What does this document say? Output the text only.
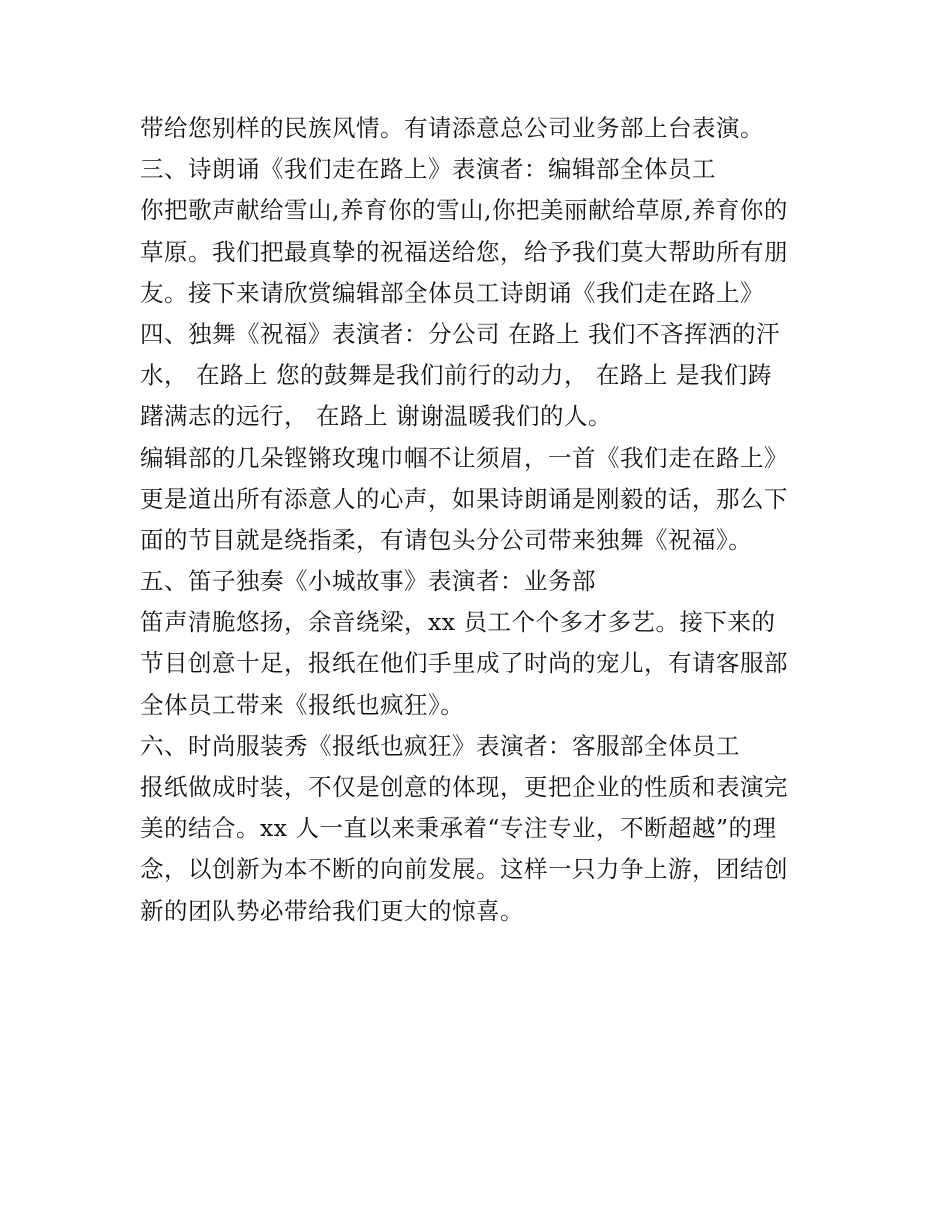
带给您别样的民族风情。有请添意总公司业务部上台表演。
三、诗朗诵《我们走在路上》表演者：编辑部全体员工
你把歌声献给雪山,养育你的雪山,你把美丽献给草原,养育你的
草原。我们把最真挚的祝福送给您，给予我们莫大帮助所有朋
友。接下来请欣赏编辑部全体员工诗朗诵《我们走在路上》
四、独舞《祝福》表演者：分公司 在路上 我们不吝挥洒的汗
水， 在路上 您的鼓舞是我们前行的动力， 在路上 是我们踌
躇满志的远行， 在路上 谢谢温暖我们的人。
编辑部的几朵铿锵玫瑰巾帼不让须眉，一首《我们走在路上》
更是道出所有添意人的心声，如果诗朗诵是刚毅的话，那么下
面的节目就是绕指柔，有请包头分公司带来独舞《祝福》。
五、笛子独奏《小城故事》表演者：业务部
笛声清脆悠扬，余音绕梁，xx 员工个个多才多艺。接下来的
节目创意十足，报纸在他们手里成了时尚的宠儿，有请客服部
全体员工带来《报纸也疯狂》。
六、时尚服装秀《报纸也疯狂》表演者：客服部全体员工
报纸做成时装，不仅是创意的体现，更把企业的性质和表演完
美的结合。xx 人一直以来秉承着“专注专业，不断超越”的理
念，以创新为本不断的向前发展。这样一只力争上游，团结创
新的团队势必带给我们更大的惊喜。
